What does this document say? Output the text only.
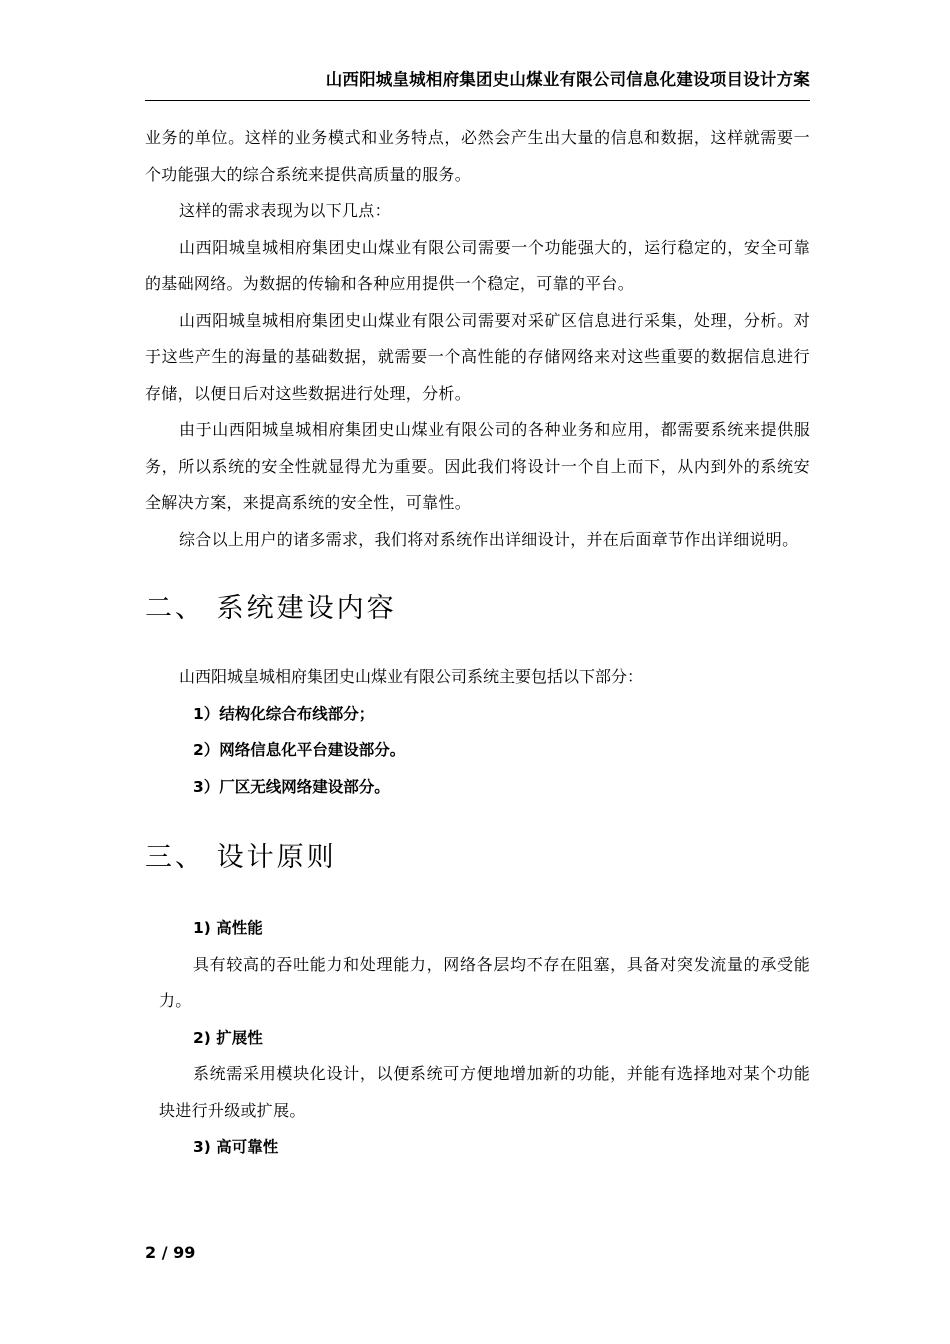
山西阳城皇城相府集团史山煤业有限公司信息化建设项目设计方案

业务的单位。这样的业务模式和业务特点，必然会产生出大量的信息和数据，这样就需要一个功能强大的综合系统来提供高质量的服务。

这样的需求表现为以下几点：

山西阳城皇城相府集团史山煤业有限公司需要一个功能强大的，运行稳定的，安全可靠的基础网络。为数据的传输和各种应用提供一个稳定，可靠的平台。

山西阳城皇城相府集团史山煤业有限公司需要对采矿区信息进行采集，处理，分析。对于这些产生的海量的基础数据，就需要一个高性能的存储网络来对这些重要的数据信息进行存储，以便日后对这些数据进行处理，分析。

由于山西阳城皇城相府集团史山煤业有限公司的各种业务和应用，都需要系统来提供服务，所以系统的安全性就显得尤为重要。因此我们将设计一个自上而下，从内到外的系统安全解决方案，来提高系统的安全性，可靠性。

综合以上用户的诸多需求，我们将对系统作出详细设计，并在后面章节作出详细说明。

二、 系统建设内容

山西阳城皇城相府集团史山煤业有限公司系统主要包括以下部分：

1）结构化综合布线部分；

2）网络信息化平台建设部分。

3）厂区无线网络建设部分。

三、 设计原则

1) 高性能

具有较高的吞吐能力和处理能力，网络各层均不存在阻塞，具备对突发流量的承受能力。

2) 扩展性

系统需采用模块化设计，以便系统可方便地增加新的功能，并能有选择地对某个功能块进行升级或扩展。

3) 高可靠性

2 / 99
